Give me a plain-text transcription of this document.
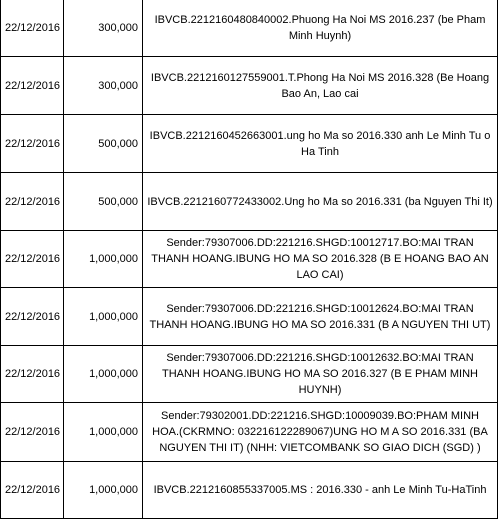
22/12/2016	300,000	IBVCB.2212160480840002.Phuong Ha Noi MS 2016.237 (be Pham Minh Huynh)
22/12/2016	300,000	IBVCB.2212160127559001.T.Phong Ha Noi MS 2016.328 (Be Hoang Bao An, Lao cai
22/12/2016	500,000	IBVCB.2212160452663001.ung ho Ma so 2016.330 anh Le Minh Tu o Ha Tinh
22/12/2016	500,000	IBVCB.2212160772433002.Ung ho Ma so 2016.331 (ba Nguyen Thi It)
22/12/2016	1,000,000	Sender:79307006.DD:221216.SHGD:10012717.BO:MAI TRAN THANH HOANG.IBUNG HO MA SO 2016.328 (B E HOANG BAO AN LAO CAI)
22/12/2016	1,000,000	Sender:79307006.DD:221216.SHGD:10012624.BO:MAI TRAN THANH HOANG.IBUNG HO MA SO 2016.331 (B A NGUYEN THI UT)
22/12/2016	1,000,000	Sender:79307006.DD:221216.SHGD:10012632.BO:MAI TRAN THANH HOANG.IBUNG HO MA SO 2016.327 (B E PHAM MINH HUYNH)
22/12/2016	1,000,000	Sender:79302001.DD:221216.SHGD:10009039.BO:PHAM MINH HOA.(CKRMNO: 032216122289067)UNG HO M A SO 2016.331 (BA NGUYEN THI IT) (NHH: VIETCOMBANK SO GIAO DICH (SGD) )
22/12/2016	1,000,000	IBVCB.2212160855337005.MS : 2016.330 - anh Le Minh Tu-HaTinh
